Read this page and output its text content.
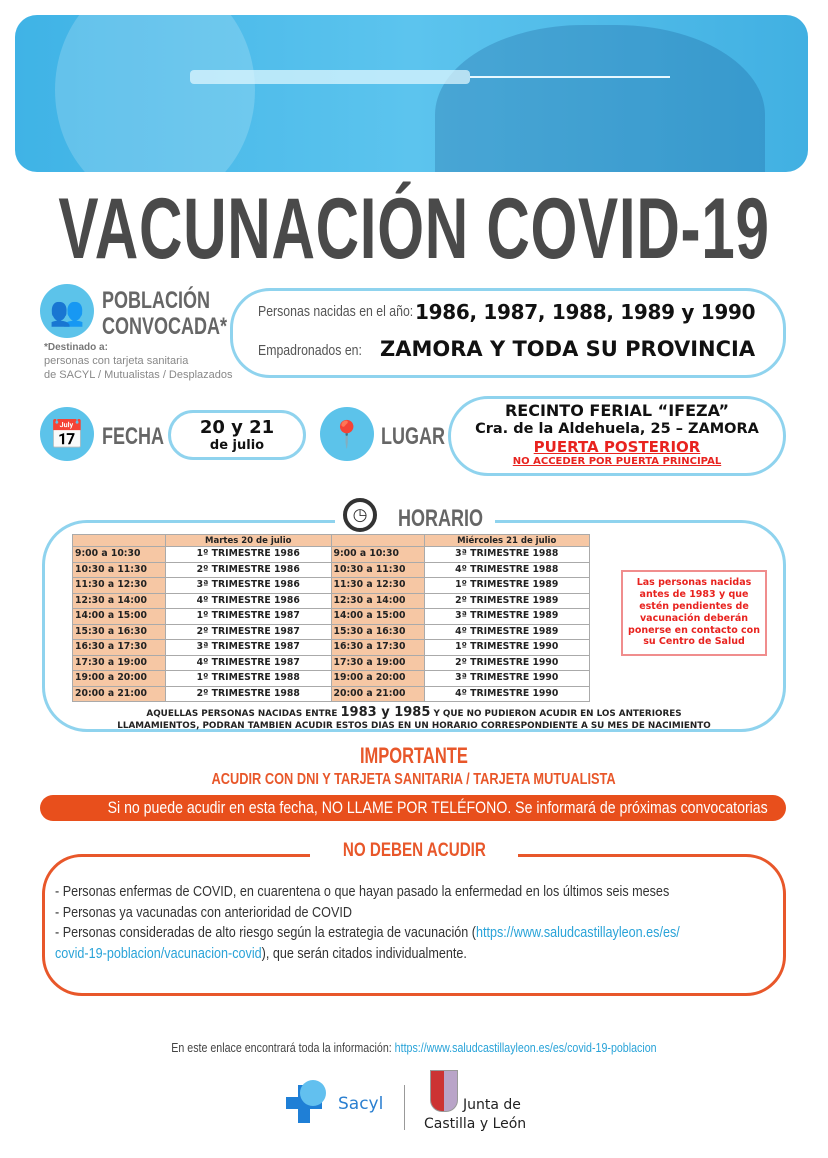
VACUNACIÓN COVID-19
👥 POBLACIÓN
CONVOCADA*
*Destinado a:
personas con tarjeta sanitaria
de SACYL / Mutualistas / Desplazados
Personas nacidas en el año: 1986, 1987, 1988, 1989 y 1990
Empadronados en: ZAMORA Y TODA SU PROVINCIA
📅 FECHA	20 y 21
de julio	📍 LUGAR
RECINTO FERIAL “IFEZA”
Cra. de la Aldehuela, 25 – ZAMORA
PUERTA POSTERIOR
NO ACCEDER POR PUERTA PRINCIPAL
◷	HORARIO
	Martes 20 de julio		Miércoles 21 de julio
9:00 a 10:30	1º TRIMESTRE 1986	9:00 a 10:30	3ª TRIMESTRE 1988
10:30 a 11:30	2º TRIMESTRE 1986	10:30 a 11:30	4º TRIMESTRE 1988
11:30 a 12:30	3ª TRIMESTRE 1986	11:30 a 12:30	1º TRIMESTRE 1989
12:30 a 14:00	4º TRIMESTRE 1986	12:30 a 14:00	2º TRIMESTRE 1989
14:00 a 15:00	1º TRIMESTRE 1987	14:00 a 15:00	3ª TRIMESTRE 1989
15:30 a 16:30	2º TRIMESTRE 1987	15:30 a 16:30	4º TRIMESTRE 1989
16:30 a 17:30	3ª TRIMESTRE 1987	16:30 a 17:30	1º TRIMESTRE 1990
17:30 a 19:00	4º TRIMESTRE 1987	17:30 a 19:00	2º TRIMESTRE 1990
19:00 a 20:00	1º TRIMESTRE 1988	19:00 a 20:00	3ª TRIMESTRE 1990
20:00 a 21:00	2º TRIMESTRE 1988	20:00 a 21:00	4º TRIMESTRE 1990
Las personas nacidas antes de 1983 y que estén pendientes de vacunación deberán ponerse en contacto con su Centro de Salud
AQUELLAS PERSONAS NACIDAS ENTRE 1983 y 1985 Y QUE NO PUDIERON ACUDIR EN LOS ANTERIORES
LLAMAMIENTOS, PODRAN TAMBIEN ACUDIR ESTOS DIAS EN UN HORARIO CORRESPONDIENTE A SU MES DE NACIMIENTO
IMPORTANTE
ACUDIR CON DNI Y TARJETA SANITARIA / TARJETA MUTUALISTA
Si no puede acudir en esta fecha, NO LLAME POR TELÉFONO. Se informará de próximas convocatorias
NO DEBEN ACUDIR
- Personas enfermas de COVID, en cuarentena o que hayan pasado la enfermedad en los últimos seis meses
- Personas ya vacunadas con anterioridad de COVID
- Personas consideradas de alto riesgo según la estrategia de vacunación (https://www.saludcastillayleon.es/es/
covid-19-poblacion/vacunacion-covid), que serán citados individualmente.
En este enlace encontrará toda la información: https://www.saludcastillayleon.es/es/covid-19-poblacion
Sacyl	Junta de
Castilla y León
